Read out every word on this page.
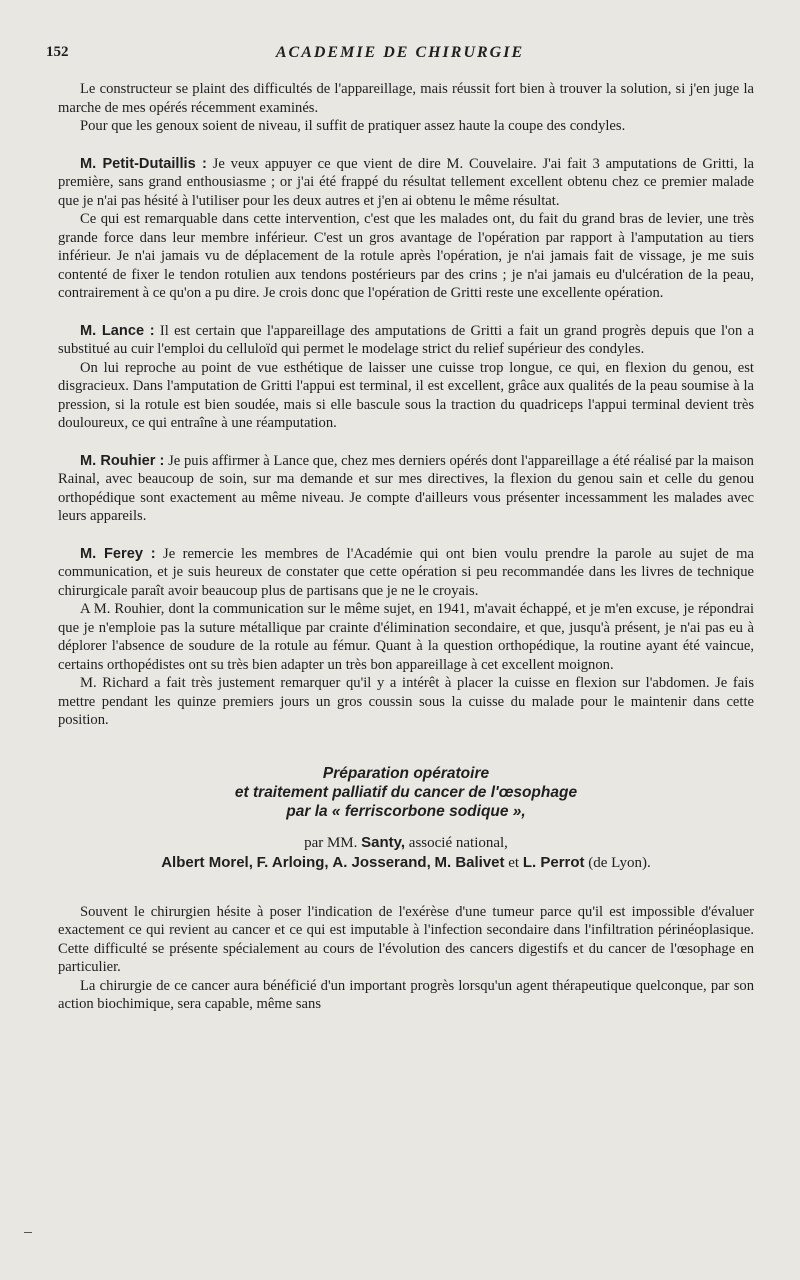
152	ACADEMIE DE CHIRURGIE

Le constructeur se plaint des difficultés de l'appareillage, mais réussit fort bien à trouver la solution, si j'en juge la marche de mes opérés récemment examinés.

Pour que les genoux soient de niveau, il suffit de pratiquer assez haute la coupe des condyles.

M. Petit-Dutaillis : Je veux appuyer ce que vient de dire M. Couvelaire. J'ai fait 3 amputations de Gritti, la première, sans grand enthousiasme ; or j'ai été frappé du résultat tellement excellent obtenu chez ce premier malade que je n'ai pas hésité à l'utiliser pour les deux autres et j'en ai obtenu le même résultat.

Ce qui est remarquable dans cette intervention, c'est que les malades ont, du fait du grand bras de levier, une très grande force dans leur membre inférieur. C'est un gros avantage de l'opération par rapport à l'amputation au tiers inférieur. Je n'ai jamais vu de déplacement de la rotule après l'opération, je n'ai jamais fait de vissage, je me suis contenté de fixer le tendon rotulien aux tendons postérieurs par des crins ; je n'ai jamais eu d'ulcération de la peau, contrairement à ce qu'on a pu dire. Je crois donc que l'opération de Gritti reste une excellente opération.

M. Lance : Il est certain que l'appareillage des amputations de Gritti a fait un grand progrès depuis que l'on a substitué au cuir l'emploi du celluloïd qui permet le modelage strict du relief supérieur des condyles.

On lui reproche au point de vue esthétique de laisser une cuisse trop longue, ce qui, en flexion du genou, est disgracieux. Dans l'amputation de Gritti l'appui est terminal, il est excellent, grâce aux qualités de la peau soumise à la pression, si la rotule est bien soudée, mais si elle bascule sous la traction du quadriceps l'appui terminal devient très douloureux, ce qui entraîne à une réamputation.

M. Rouhier : Je puis affirmer à Lance que, chez mes derniers opérés dont l'appareillage a été réalisé par la maison Rainal, avec beaucoup de soin, sur ma demande et sur mes directives, la flexion du genou sain et celle du genou orthopédique sont exactement au même niveau. Je compte d'ailleurs vous présenter incessamment les malades avec leurs appareils.

M. Ferey : Je remercie les membres de l'Académie qui ont bien voulu prendre la parole au sujet de ma communication, et je suis heureux de constater que cette opération si peu recommandée dans les livres de technique chirurgicale paraît avoir beaucoup plus de partisans que je ne le croyais.

A M. Rouhier, dont la communication sur le même sujet, en 1941, m'avait échappé, et je m'en excuse, je répondrai que je n'emploie pas la suture métallique par crainte d'élimination secondaire, et que, jusqu'à présent, je n'ai pas eu à déplorer l'absence de soudure de la rotule au fémur. Quant à la question orthopédique, la routine ayant été vaincue, certains orthopédistes ont su très bien adapter un très bon appareillage à cet excellent moignon.

M. Richard a fait très justement remarquer qu'il y a intérêt à placer la cuisse en flexion sur l'abdomen. Je fais mettre pendant les quinze premiers jours un gros coussin sous la cuisse du malade pour le maintenir dans cette position.

Préparation opératoire
et traitement palliatif du cancer de l'œsophage
par la « ferriscorbone sodique »,
par MM. Santy, associé national,
Albert Morel, F. Arloing, A. Josserand, M. Balivet et L. Perrot (de Lyon).

Souvent le chirurgien hésite à poser l'indication de l'exérèse d'une tumeur parce qu'il est impossible d'évaluer exactement ce qui revient au cancer et ce qui est imputable à l'infection secondaire dans l'infiltration périnéoplasique. Cette difficulté se présente spécialement au cours de l'évolution des cancers digestifs et du cancer de l'œsophage en particulier.

La chirurgie de ce cancer aura bénéficié d'un important progrès lorsqu'un agent thérapeutique quelconque, par son action biochimique, sera capable, même sans
